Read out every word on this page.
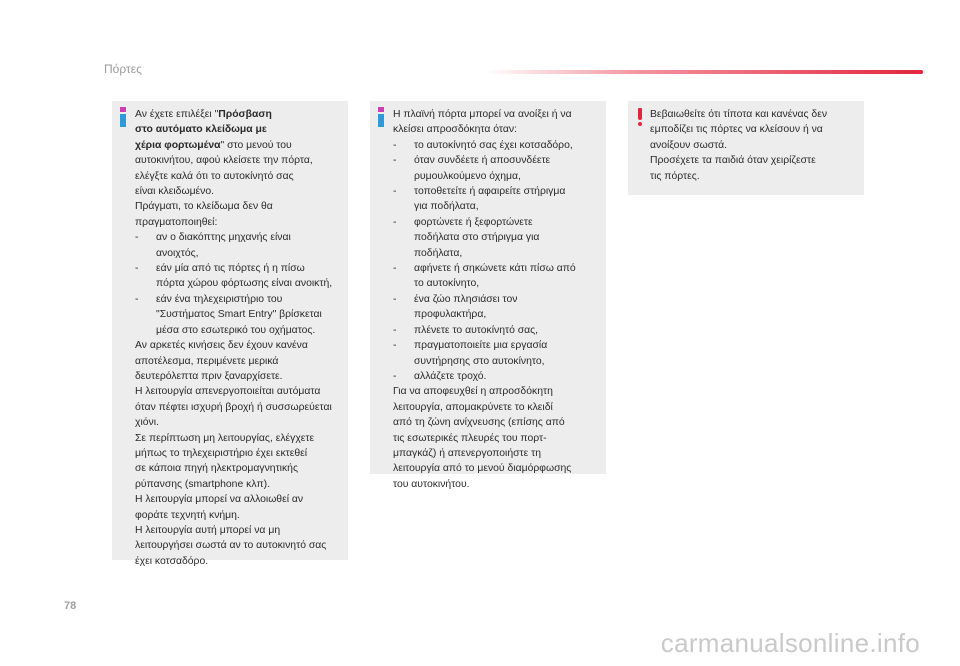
Πόρτες
Αν έχετε επιλέξει "Πρόσβαση
στο αυτόματο κλείδωμα με
χέρια φορτωμένα" στο μενού του
αυτοκινήτου, αφού κλείσετε την πόρτα,
ελέγξτε καλά ότι το αυτοκίνητό σας
είναι κλειδωμένο.
Πράγματι, το κλείδωμα δεν θα
πραγματοποιηθεί:
- αν ο διακόπτης μηχανής είναι
ανοιχτός,
- εάν μία από τις πόρτες ή η πίσω
πόρτα χώρου φόρτωσης είναι ανοικτή,
- εάν ένα τηλεχειριστήριο του
"Συστήματος Smart Entry" βρίσκεται
μέσα στο εσωτερικό του οχήματος.
Αν αρκετές κινήσεις δεν έχουν κανένα
αποτέλεσμα, περιμένετε μερικά
δευτερόλεπτα πριν ξαναρχίσετε.
Η λειτουργία απενεργοποιείται αυτόματα
όταν πέφτει ισχυρή βροχή ή συσσωρεύεται
χιόνι.
Σε περίπτωση μη λειτουργίας, ελέγχετε
μήπως το τηλεχειριστήριο έχει εκτεθεί
σε κάποια πηγή ηλεκτρομαγνητικής
ρύπανσης (smartphone κλπ).
Η λειτουργία μπορεί να αλλοιωθεί αν
φοράτε τεχνητή κνήμη.
Η λειτουργία αυτή μπορεί να μη
λειτουργήσει σωστά αν το αυτοκινητό σας
έχει κοτσαδόρο.
Η πλαϊνή πόρτα μπορεί να ανοίξει ή να
κλείσει απροσδόκητα όταν:
- το αυτοκίνητό σας έχει κοτσαδόρο,
- όταν συνδέετε ή αποσυνδέετε
ρυμουλκούμενο όχημα,
- τοποθετείτε ή αφαιρείτε στήριγμα
για ποδήλατα,
- φορτώνετε ή ξεφορτώνετε
ποδήλατα στο στήριγμα για
ποδήλατα,
- αφήνετε ή σηκώνετε κάτι πίσω από
το αυτοκίνητο,
- ένα ζώο πλησιάσει τον
προφυλακτήρα,
- πλένετε το αυτοκίνητό σας,
- πραγματοποιείτε μια εργασία
συντήρησης στο αυτοκίνητο,
- αλλάζετε τροχό.
Για να αποφευχθεί η απροσδόκητη
λειτουργία, απομακρύνετε το κλειδί
από τη ζώνη ανίχνευσης (επίσης από
τις εσωτερικές πλευρές του πορτ-
μπαγκάζ) ή απενεργοποιήστε τη
λειτουργία από το μενού διαμόρφωσης
του αυτοκινήτου.
Βεβαιωθείτε ότι τίποτα και κανένας δεν
εμποδίζει τις πόρτες να κλείσουν ή να
ανοίξουν σωστά.
Προσέχετε τα παιδιά όταν χειρίζεστε
τις πόρτες.
78
carmanualsonline.info
